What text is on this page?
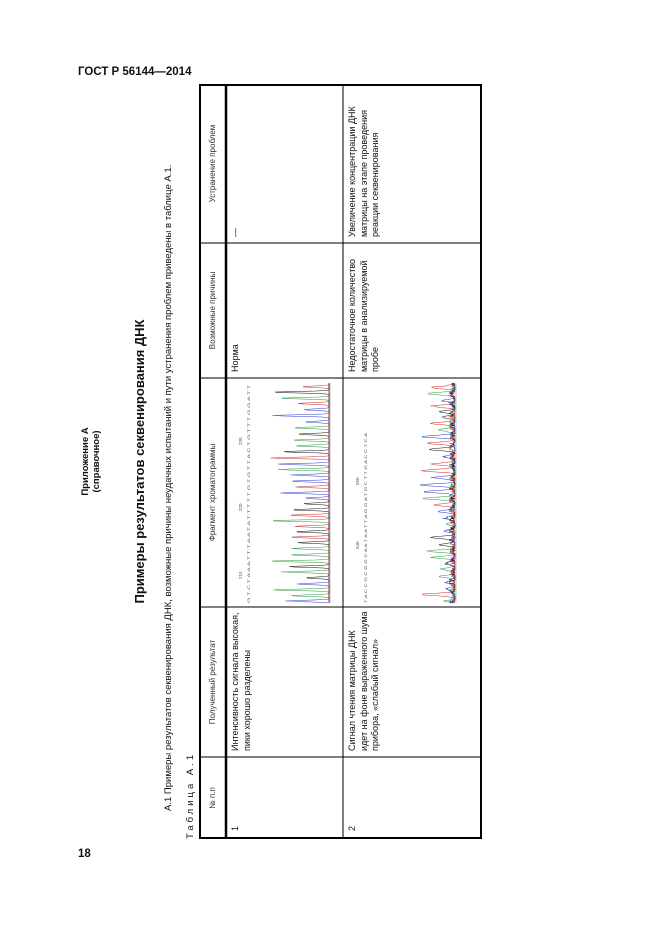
ГОСТ Р 56144—2014
18
Приложение А (справочное) Примеры результатов секвенирования ДНК А.1 Примеры результатов секвенирования ДНК, возможные причины неудачных испытаний и пути устранения проблем приведены в таблице А.1. Таблица А.1	№ п.п
Полученный результат
Фрагмент хроматограммы
Возможные причины
Устранение проблем
1
Интенсивность сигнала высокая, пики хорошо разделены
210
220
230
G T C T A A A T T T A A T A T T T T T G T G T T A C T G T T T G G A T T
Норма
—
2
Сигнал чтения матрицы ДНК идет на фоне выраженного шума прибора, «слабый сигнал»
540
550
T A C C G C G G C A A T A A T T A G G A T G C T T G A C C T C A
Недостаточное количество матрицы в анализируемой пробе
Увеличение концентрации ДНК матрицы на этапе проведения реакции секвенирования
